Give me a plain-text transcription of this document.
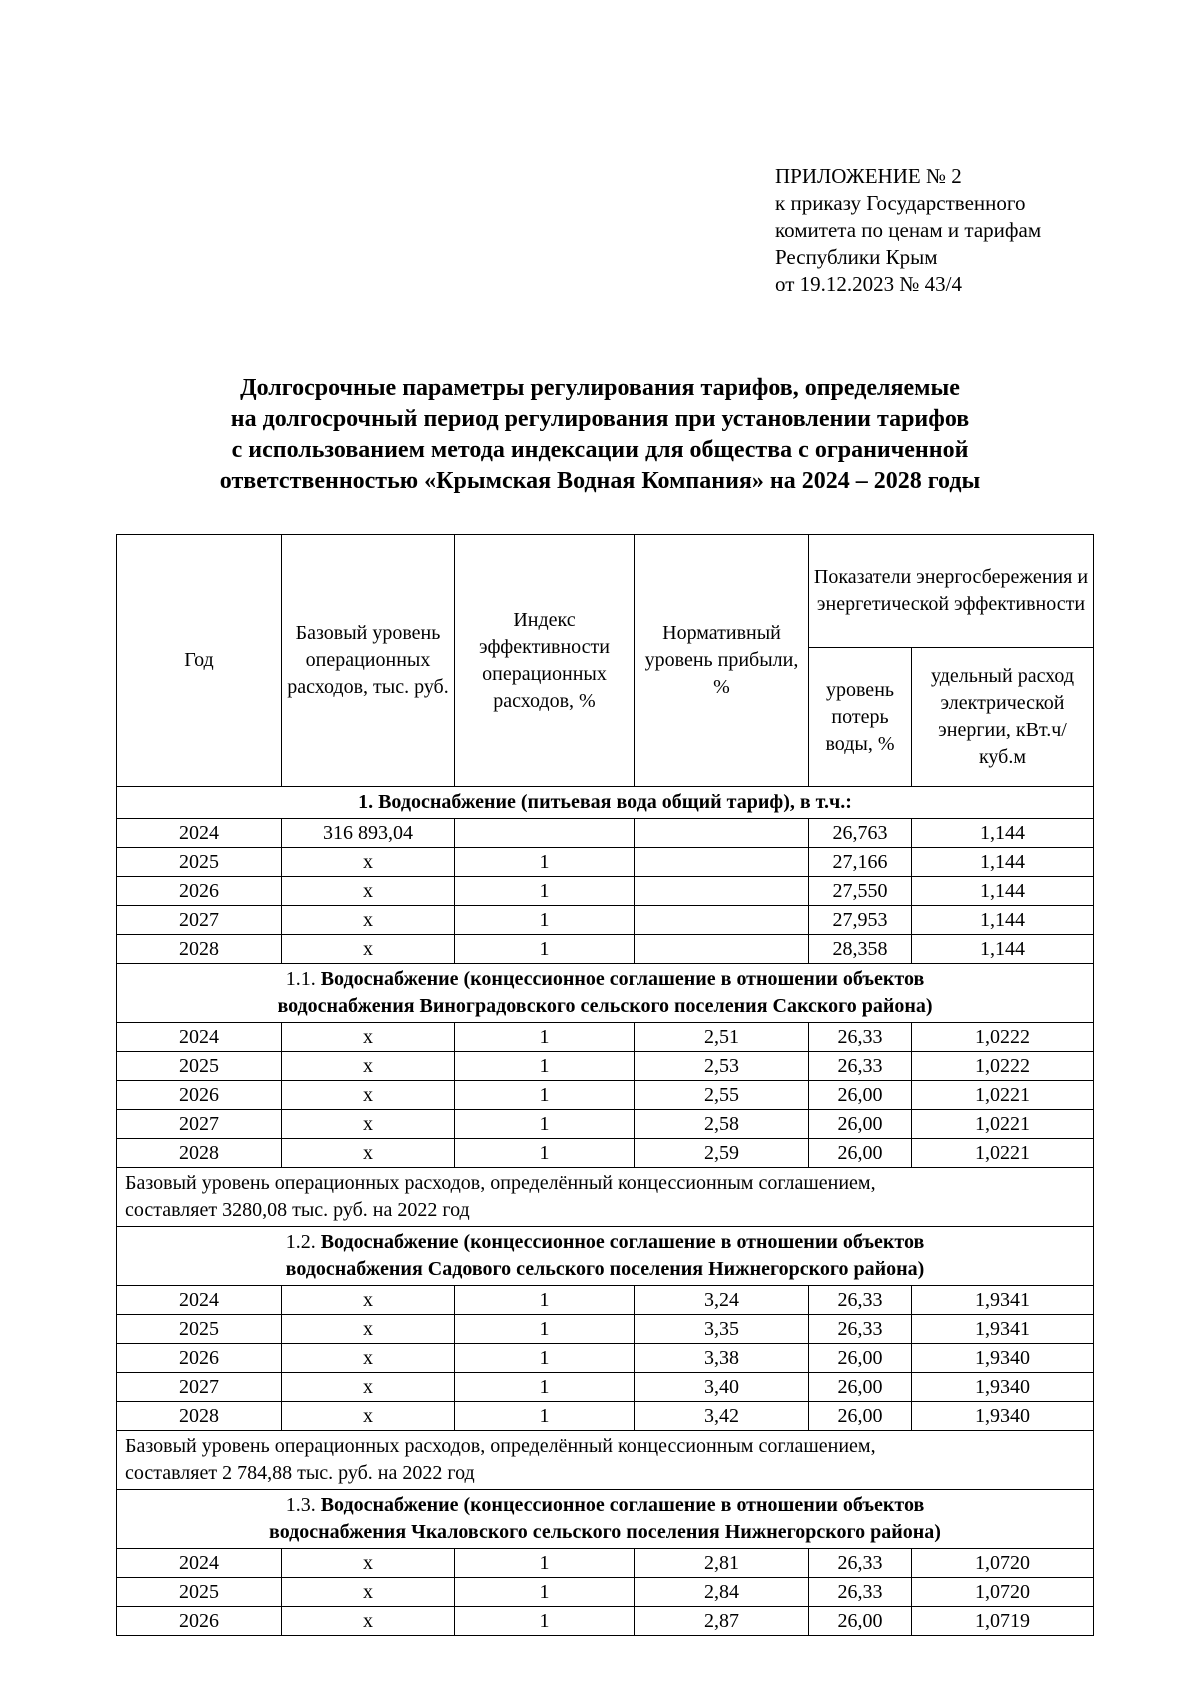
ПРИЛОЖЕНИЕ № 2
к приказу Государственного
комитета по ценам и тарифам
Республики Крым
от 19.12.2023 № 43/4
Долгосрочные параметры регулирования тарифов, определяемые
на долгосрочный период регулирования при установлении тарифов
с использованием метода индексации для общества с ограниченной
ответственностью «Крымская Водная Компания» на 2024 – 2028 годы
Год	Базовый уровень операционных расходов, тыс. руб.	Индекс эффективности операционных расходов, %	Нормативный уровень прибыли, %	Показатели энергосбережения и энергетической эффективности	
				уровень потерь воды, %	удельный расход электрической энергии, кВт.ч/куб.м

1. Водоснабжение (питьевая вода общий тариф), в т.ч.:					

2024	316 893,04			26,763	1,144
2025	х	1		27,166	1,144
2026	х	1		27,550	1,144
2027	х	1		27,953	1,144
2028	х	1		28,358	1,144

1.1. Водоснабжение (концессионное соглашение в отношении объектов
водоснабжения Виноградовского сельского поселения Сакского района)					

2024	х	1	2,51	26,33	1,0222
2025	х	1	2,53	26,33	1,0222
2026	х	1	2,55	26,00	1,0221
2027	х	1	2,58	26,00	1,0221
2028	х	1	2,59	26,00	1,0221

Базовый уровень операционных расходов, определённый концессионным соглашением,
составляет 3280,08 тыс. руб. на 2022 год					

1.2. Водоснабжение (концессионное соглашение в отношении объектов
водоснабжения Садового сельского поселения Нижнегорского района)					

2024	х	1	3,24	26,33	1,9341
2025	х	1	3,35	26,33	1,9341
2026	х	1	3,38	26,00	1,9340
2027	х	1	3,40	26,00	1,9340
2028	х	1	3,42	26,00	1,9340

Базовый уровень операционных расходов, определённый концессионным соглашением,
составляет 2 784,88 тыс. руб. на 2022 год					

1.3. Водоснабжение (концессионное соглашение в отношении объектов
водоснабжения Чкаловского сельского поселения Нижнегорского района)					

2024	х	1	2,81	26,33	1,0720
2025	х	1	2,84	26,33	1,0720
2026	х	1	2,87	26,00	1,0719
